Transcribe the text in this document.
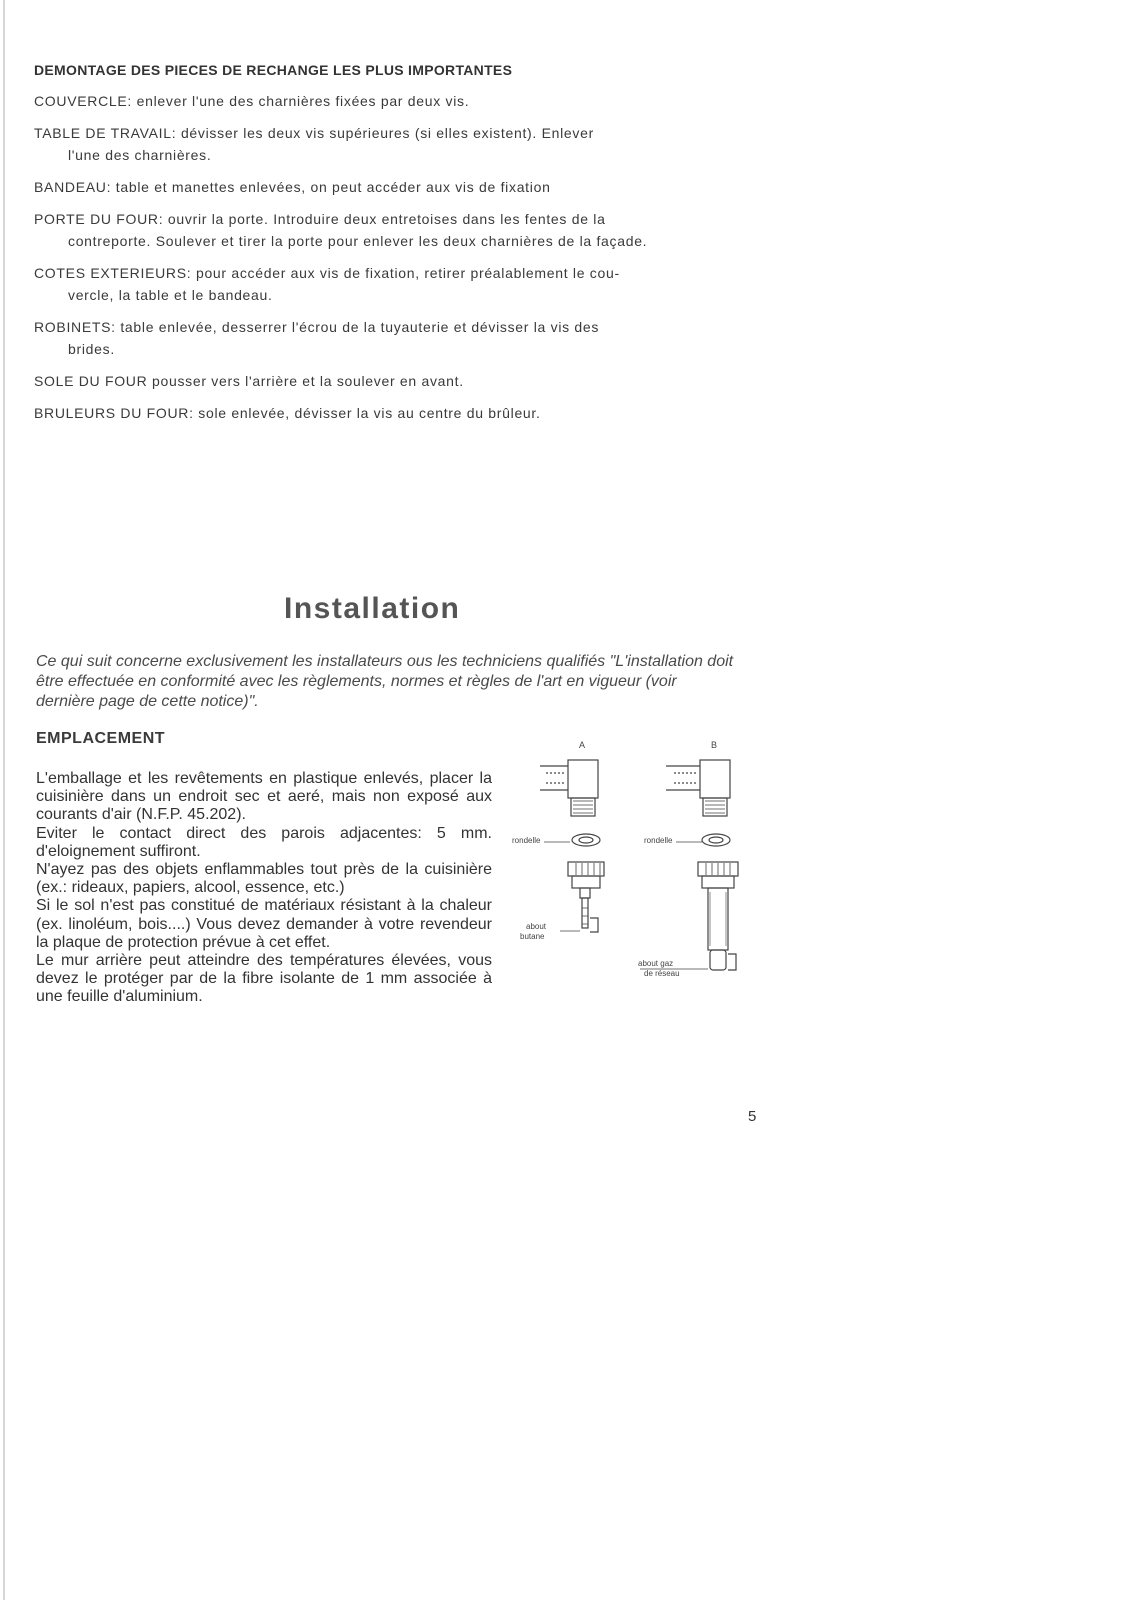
DEMONTAGE DES PIECES DE RECHANGE LES PLUS IMPORTANTES
COUVERCLE: enlever l'une des charnières fixées par deux vis.
TABLE DE TRAVAIL: dévisser les deux vis supérieures (si elles existent). Enlever
l'une des charnières.
BANDEAU: table et manettes enlevées, on peut accéder aux vis de fixation
PORTE DU FOUR: ouvrir la porte. Introduire deux entretoises dans les fentes de la
contreporte. Soulever et tirer la porte pour enlever les deux charnières de la façade.
COTES EXTERIEURS: pour accéder aux vis de fixation, retirer préalablement le cou-
vercle, la table et le bandeau.
ROBINETS: table enlevée, desserrer l'écrou de la tuyauterie et dévisser la vis des
brides.
SOLE DU FOUR pousser vers l'arrière et la soulever en avant.
BRULEURS DU FOUR: sole enlevée, dévisser la vis au centre du brûleur.
Installation
Ce qui suit concerne exclusivement les installateurs ous les techniciens qualifiés "L'installation doit être effectuée en conformité avec les règlements, normes et règles de l'art en vigueur (voir dernière page de cette notice)".
EMPLACEMENT
L'emballage et les revêtements en plastique enlevés, placer la cuisinière dans un endroit sec et aeré, mais non exposé aux courants d'air (N.F.P. 45.202).
Eviter le contact direct des parois adjacentes: 5 mm. d'eloignement suffiront.
N'ayez pas des objets enflammables tout près de la cuisinière (ex.: rideaux, papiers, alcool, essence, etc.)
Si le sol n'est pas constitué de matériaux résistant à la chaleur (ex. linoléum, bois....) Vous devez demander à votre revendeur la plaque de protection prévue à cet effet.
Le mur arrière peut atteindre des températures élevées, vous devez le protéger par de la fibre isolante de 1 mm associée à une feuille d'aluminium.
A	B
rondelle	rondelle
about
butane
about gaz
de réseau
5
